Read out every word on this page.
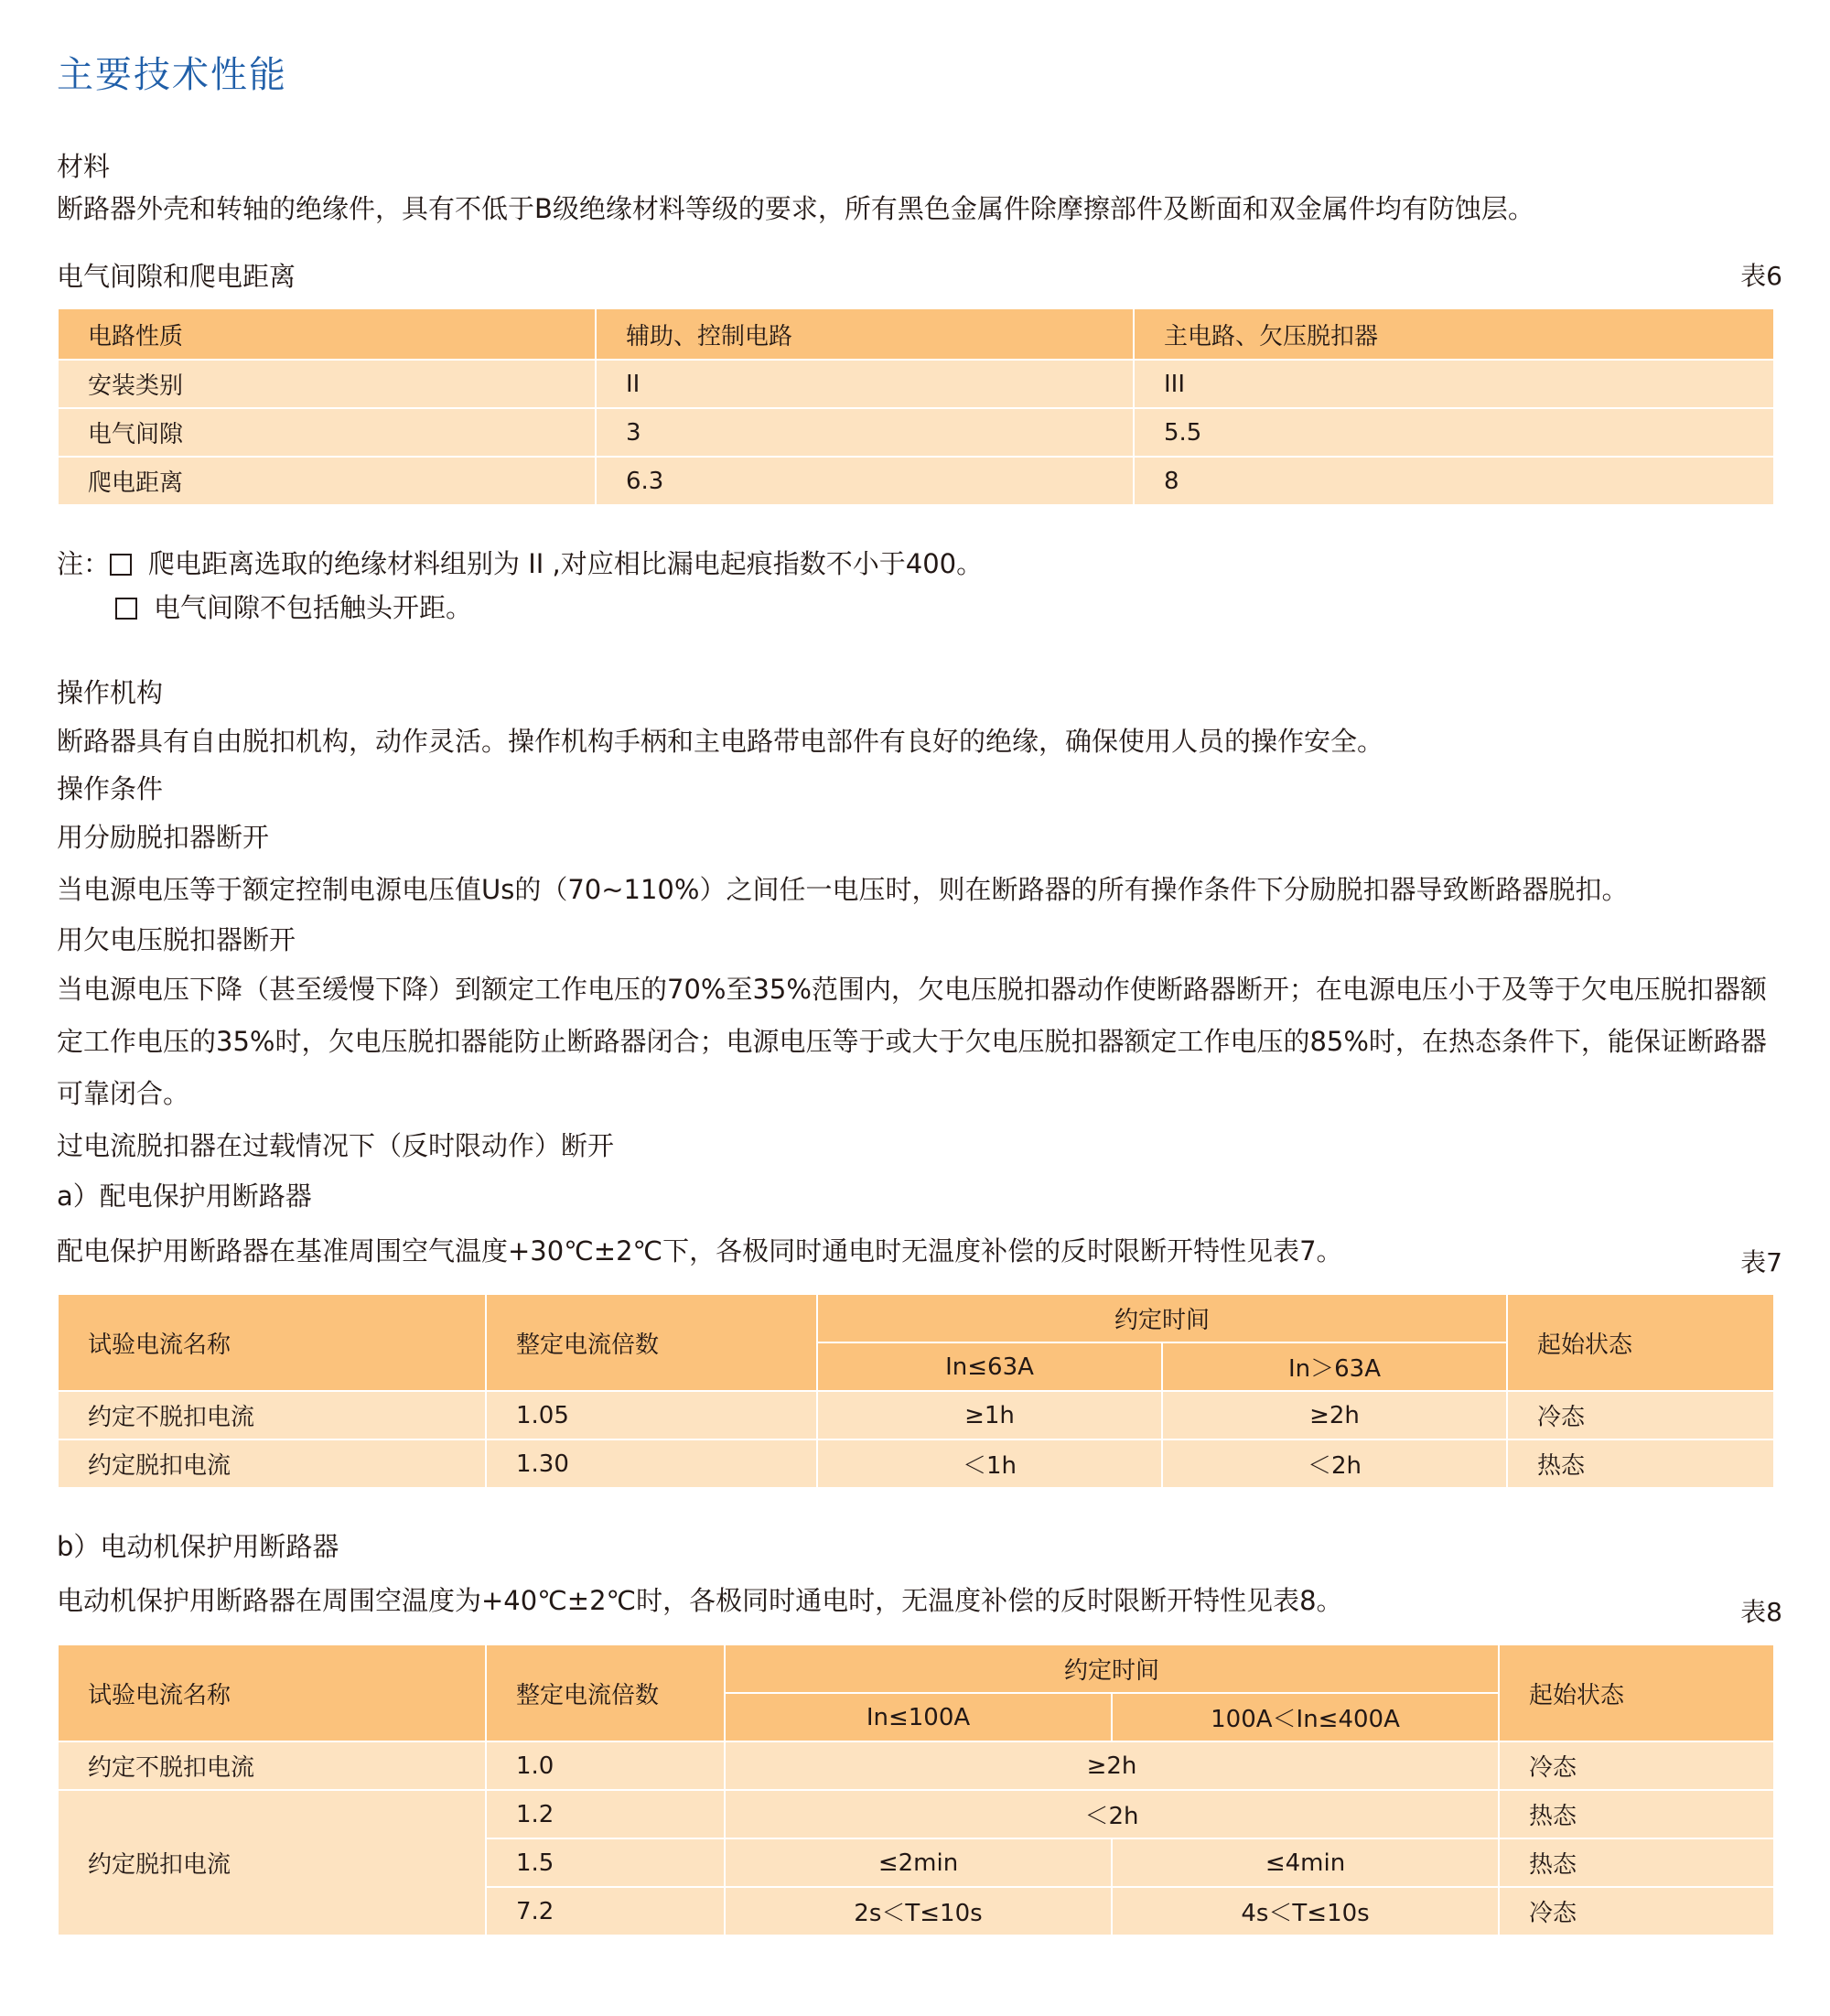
主要技术性能
材料
断路器外壳和转轴的绝缘件，具有不低于B级绝缘材料等级的要求，所有黑色金属件除摩擦部件及断面和双金属件均有防蚀层。
电气间隙和爬电距离	表6
电路性质	辅助、控制电路	主电路、欠压脱扣器
安装类别	II	III
电气间隙	3	5.5
爬电距离	6.3	8
注： 爬电距离选取的绝缘材料组别为 II ,对应相比漏电起痕指数不小于400。
电气间隙不包括触头开距。
操作机构
断路器具有自由脱扣机构，动作灵活。操作机构手柄和主电路带电部件有良好的绝缘，确保使用人员的操作安全。
操作条件
用分励脱扣器断开
当电源电压等于额定控制电源电压值Us的（70~110%）之间任一电压时，则在断路器的所有操作条件下分励脱扣器导致断路器脱扣。
用欠电压脱扣器断开
当电源电压下降（甚至缓慢下降）到额定工作电压的70%至35%范围内，欠电压脱扣器动作使断路器断开；在电源电压小于及等于欠电压脱扣器额定工作电压的35%时，欠电压脱扣器能防止断路器闭合；电源电压等于或大于欠电压脱扣器额定工作电压的85%时，在热态条件下，能保证断路器可靠闭合。
过电流脱扣器在过载情况下（反时限动作）断开
a）配电保护用断路器
配电保护用断路器在基准周围空气温度+30℃±2℃下，各极同时通电时无温度补偿的反时限断开特性见表7。	表7
试验电流名称	整定电流倍数	约定时间		起始状态
		In≤63A	In＞63A	
约定不脱扣电流	1.05	≥1h	≥2h	冷态
约定脱扣电流	1.30	＜1h	＜2h	热态
b）电动机保护用断路器
电动机保护用断路器在周围空温度为+40℃±2℃时，各极同时通电时，无温度补偿的反时限断开特性见表8。	表8
试验电流名称	整定电流倍数	约定时间		起始状态
		In≤100A	100A＜In≤400A	
约定不脱扣电流	1.0	≥2h		冷态
约定脱扣电流	1.2	＜2h		热态
	1.5	≤2min	≤4min	热态
	7.2	2s＜T≤10s	4s＜T≤10s	冷态
